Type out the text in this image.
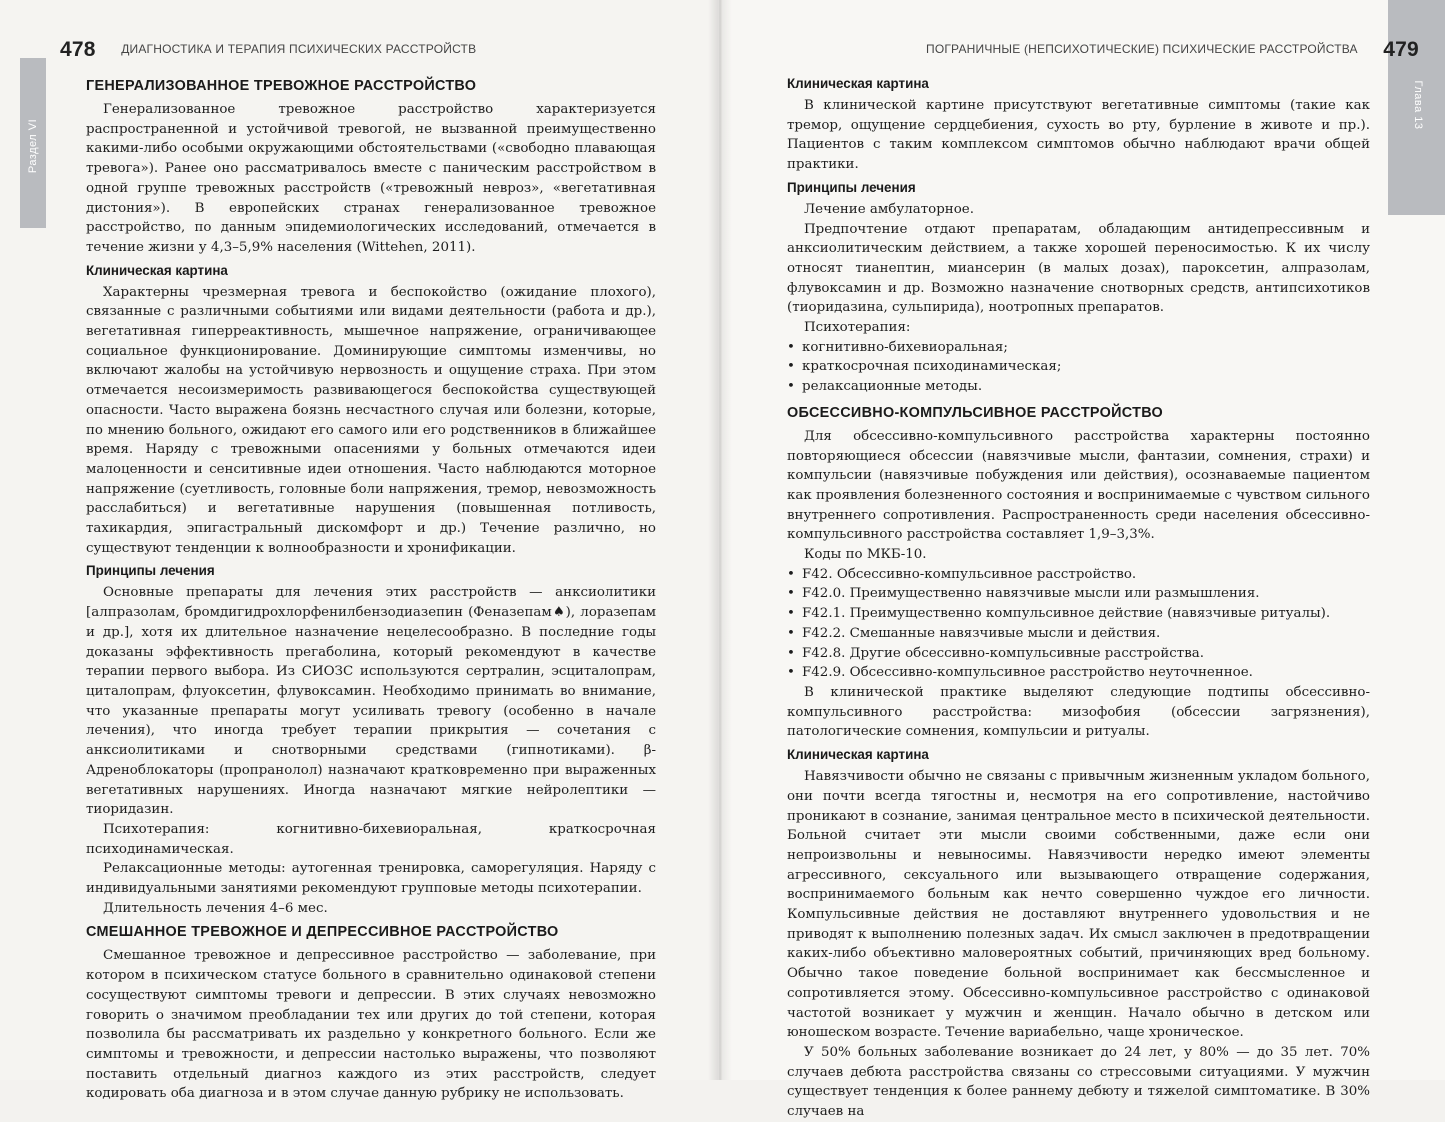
Раздел VI
Глава 13
478 ДИАГНОСТИКА И ТЕРАПИЯ ПСИХИЧЕСКИХ РАССТРОЙСТВ	ПОГРАНИЧНЫЕ (НЕПСИХОТИЧЕСКИЕ) ПСИХИЧЕСКИЕ РАССТРОЙСТВА 479
ГЕНЕРАЛИЗОВАННОЕ ТРЕВОЖНОЕ РАССТРОЙСТВО

Генерализованное тревожное расстройство характеризуется распространенной и устойчивой тревогой, не вызванной преимущественно какими-либо особыми окружающими обстоятельствами («свободно плавающая тревога»). Ранее оно рассматривалось вместе с паническим расстройством в одной группе тревожных расстройств («тревожный невроз», «вегетативная дистония»). В европейских странах генерализованное тревожное расстройство, по данным эпидемиологических исследований, отмечается в течение жизни у 4,3–5,9% населения (Wittehen, 2011).

Клиническая картина

Характерны чрезмерная тревога и беспокойство (ожидание плохого), связанные с различными событиями или видами деятельности (работа и др.), вегетативная гиперреактивность, мышечное напряжение, ограничивающее социальное функционирование. Доминирующие симптомы изменчивы, но включают жалобы на устойчивую нервозность и ощущение страха. При этом отмечается несоизмеримость развивающегося беспокойства существующей опасности. Часто выражена боязнь несчастного случая или болезни, которые, по мнению больного, ожидают его самого или его родственников в ближайшее время. Наряду с тревожными опасениями у больных отмечаются идеи малоценности и сенситивные идеи отношения. Часто наблюдаются моторное напряжение (суетливость, головные боли напряжения, тремор, невозможность расслабиться) и вегетативные нарушения (повышенная потливость, тахикардия, эпигастральный дискомфорт и др.) Течение различно, но существуют тенденции к волнообразности и хронификации.

Принципы лечения

Основные препараты для лечения этих расстройств — анксиолитики [алпразолам, бромдигидрохлорфенилбензодиазепин (Феназепам♠), лоразепам и др.], хотя их длительное назначение нецелесообразно. В последние годы доказаны эффективность прегаболина, который рекомендуют в качестве терапии первого выбора. Из СИОЗС используются сертралин, эсциталопрам, циталопрам, флуоксетин, флувоксамин. Необходимо принимать во внимание, что указанные препараты могут усиливать тревогу (особенно в начале лечения), что иногда требует терапии прикрытия — сочетания с анксиолитиками и снотворными средствами (гипнотиками). β-Адреноблокаторы (пропранолол) назначают кратковременно при выраженных вегетативных нарушениях. Иногда назначают мягкие нейролептики — тиоридазин.

Психотерапия: когнитивно-бихевиоральная, краткосрочная психодинамическая.

Релаксационные методы: аутогенная тренировка, саморегуляция. Наряду с индивидуальными занятиями рекомендуют групповые методы психотерапии.

Длительность лечения 4–6 мес.

СМЕШАННОЕ ТРЕВОЖНОЕ И ДЕПРЕССИВНОЕ РАССТРОЙСТВО

Смешанное тревожное и депрессивное расстройство — заболевание, при котором в психическом статусе больного в сравнительно одинаковой степени сосуществуют симптомы тревоги и депрессии. В этих случаях невозможно говорить о значимом преобладании тех или других до той степени, которая позволила бы рассматривать их раздельно у конкретного больного. Если же симптомы и тревожности, и депрессии настолько выражены, что позволяют поставить отдельный диагноз каждого из этих расстройств, следует кодировать оба диагноза и в этом случае данную рубрику не использовать.

Клиническая картина

В клинической картине присутствуют вегетативные симптомы (такие как тремор, ощущение сердцебиения, сухость во рту, бурление в животе и пр.). Пациентов с таким комплексом симптомов обычно наблюдают врачи общей практики.

Принципы лечения

Лечение амбулаторное.

Предпочтение отдают препаратам, обладающим антидепрессивным и анксиолитическим действием, а также хорошей переносимостью. К их числу относят тианептин, миансерин (в малых дозах), пароксетин, алпразолам, флувоксамин и др. Возможно назначение снотворных средств, антипсихотиков (тиоридазина, сульпирида), ноотропных препаратов.

Психотерапия:

• когнитивно-бихевиоральная;
• краткосрочная психодинамическая;
• релаксационные методы.
ОБСЕССИВНО-КОМПУЛЬСИВНОЕ РАССТРОЙСТВО

Для обсессивно-компульсивного расстройства характерны постоянно повторяющиеся обсессии (навязчивые мысли, фантазии, сомнения, страхи) и компульсии (навязчивые побуждения или действия), осознаваемые пациентом как проявления болезненного состояния и воспринимаемые с чувством сильного внутреннего сопротивления. Распространенность среди населения обсессивно-компульсивного расстройства составляет 1,9–3,3%.

Коды по МКБ-10.

• F42. Обсессивно-компульсивное расстройство.
• F42.0. Преимущественно навязчивые мысли или размышления.
• F42.1. Преимущественно компульсивное действие (навязчивые ритуалы).
• F42.2. Смешанные навязчивые мысли и действия.
• F42.8. Другие обсессивно-компульсивные расстройства.
• F42.9. Обсессивно-компульсивное расстройство неуточненное.

В клинической практике выделяют следующие подтипы обсессивно-компульсивного расстройства: мизофобия (обсессии загрязнения), патологические сомнения, компульсии и ритуалы.

Клиническая картина

Навязчивости обычно не связаны с привычным жизненным укладом больного, они почти всегда тягостны и, несмотря на его сопротивление, настойчиво проникают в сознание, занимая центральное место в психической деятельности. Больной считает эти мысли своими собственными, даже если они непроизвольны и невыносимы. Навязчивости нередко имеют элементы агрессивного, сексуального или вызывающего отвращение содержания, воспринимаемого больным как нечто совершенно чуждое его личности. Компульсивные действия не доставляют внутреннего удовольствия и не приводят к выполнению полезных задач. Их смысл заключен в предотвращении каких-либо объективно маловероятных событий, причиняющих вред больному. Обычно такое поведение больной воспринимает как бессмысленное и сопротивляется этому. Обсессивно-компульсивное расстройство с одинаковой частотой возникает у мужчин и женщин. Начало обычно в детском или юношеском возрасте. Течение вариабельно, чаще хроническое.

У 50% больных заболевание возникает до 24 лет, у 80% — до 35 лет. 70% случаев дебюта расстройства связаны со стрессовыми ситуациями. У мужчин существует тенденция к более раннему дебюту и тяжелой симптоматике. В 30% случаев на
